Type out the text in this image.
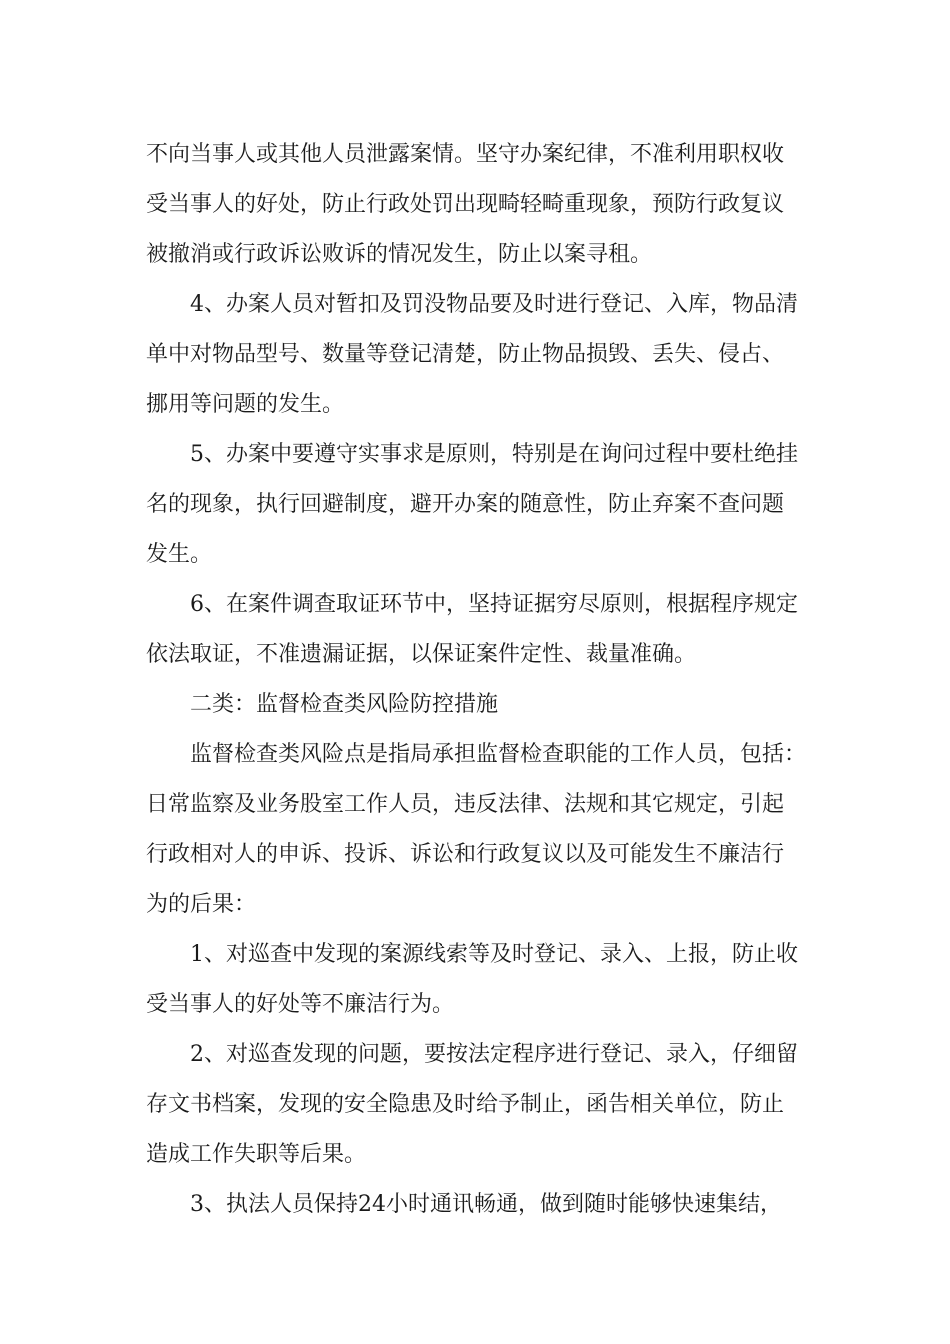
不向当事人或其他人员泄露案情。坚守办案纪律，不准利用职权收
受当事人的好处，防止行政处罚出现畸轻畸重现象，预防行政复议
被撤消或行政诉讼败诉的情况发生，防止以案寻租。
4、办案人员对暂扣及罚没物品要及时进行登记、入库，物品清
单中对物品型号、数量等登记清楚，防止物品损毁、丢失、侵占、
挪用等问题的发生。
5、办案中要遵守实事求是原则，特别是在询问过程中要杜绝挂
名的现象，执行回避制度，避开办案的随意性，防止弃案不查问题
发生。
6、在案件调查取证环节中，坚持证据穷尽原则，根据程序规定
依法取证，不准遗漏证据，以保证案件定性、裁量准确。
二类：监督检查类风险防控措施
监督检查类风险点是指局承担监督检查职能的工作人员，包括：
日常监察及业务股室工作人员，违反法律、法规和其它规定，引起
行政相对人的申诉、投诉、诉讼和行政复议以及可能发生不廉洁行
为的后果：
1、对巡查中发现的案源线索等及时登记、录入、上报，防止收
受当事人的好处等不廉洁行为。
2、对巡查发现的问题，要按法定程序进行登记、录入，仔细留
存文书档案，发现的安全隐患及时给予制止，函告相关单位，防止
造成工作失职等后果。
3、执法人员保持24小时通讯畅通，做到随时能够快速集结，
